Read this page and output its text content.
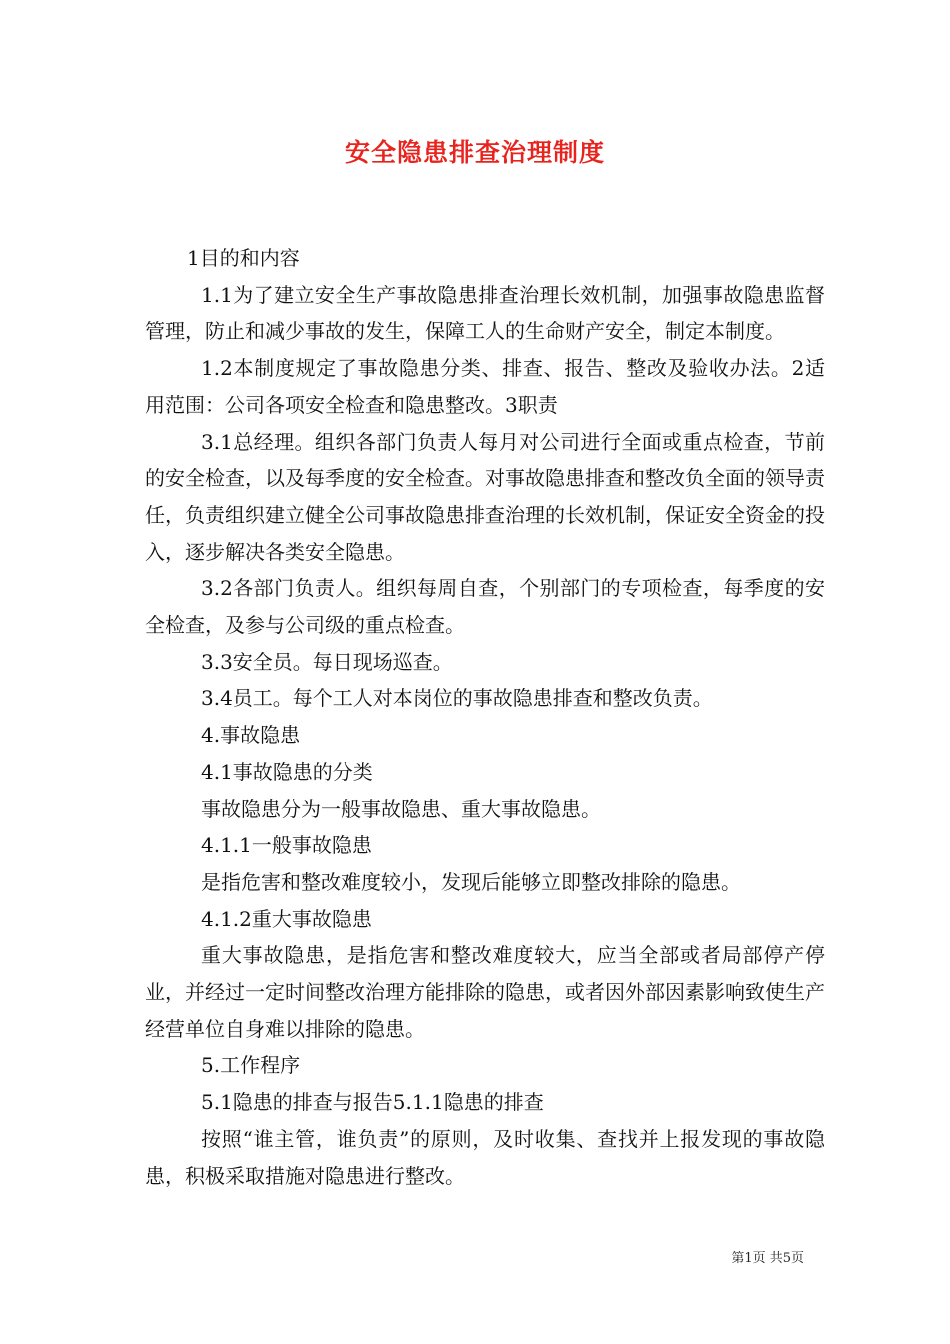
安全隐患排查治理制度

1目的和内容

1.1为了建立安全生产事故隐患排查治理长效机制，加强事故隐患监督管理，防止和减少事故的发生，保障工人的生命财产安全，制定本制度。

1.2本制度规定了事故隐患分类、排查、报告、整改及验收办法。2适用范围：公司各项安全检查和隐患整改。3职责

3.1总经理。组织各部门负责人每月对公司进行全面或重点检查，节前的安全检查，以及每季度的安全检查。对事故隐患排查和整改负全面的领导责任，负责组织建立健全公司事故隐患排查治理的长效机制，保证安全资金的投入，逐步解决各类安全隐患。

3.2各部门负责人。组织每周自查，个别部门的专项检查，每季度的安全检查，及参与公司级的重点检查。

3.3安全员。每日现场巡查。

3.4员工。每个工人对本岗位的事故隐患排查和整改负责。

4.事故隐患

4.1事故隐患的分类

事故隐患分为一般事故隐患、重大事故隐患。

4.1.1一般事故隐患

是指危害和整改难度较小，发现后能够立即整改排除的隐患。

4.1.2重大事故隐患

重大事故隐患，是指危害和整改难度较大，应当全部或者局部停产停业，并经过一定时间整改治理方能排除的隐患，或者因外部因素影响致使生产经营单位自身难以排除的隐患。

5.工作程序

5.1隐患的排查与报告5.1.1隐患的排查

按照“谁主管，谁负责”的原则，及时收集、查找并上报发现的事故隐患，积极采取措施对隐患进行整改。

第1页 共5页
